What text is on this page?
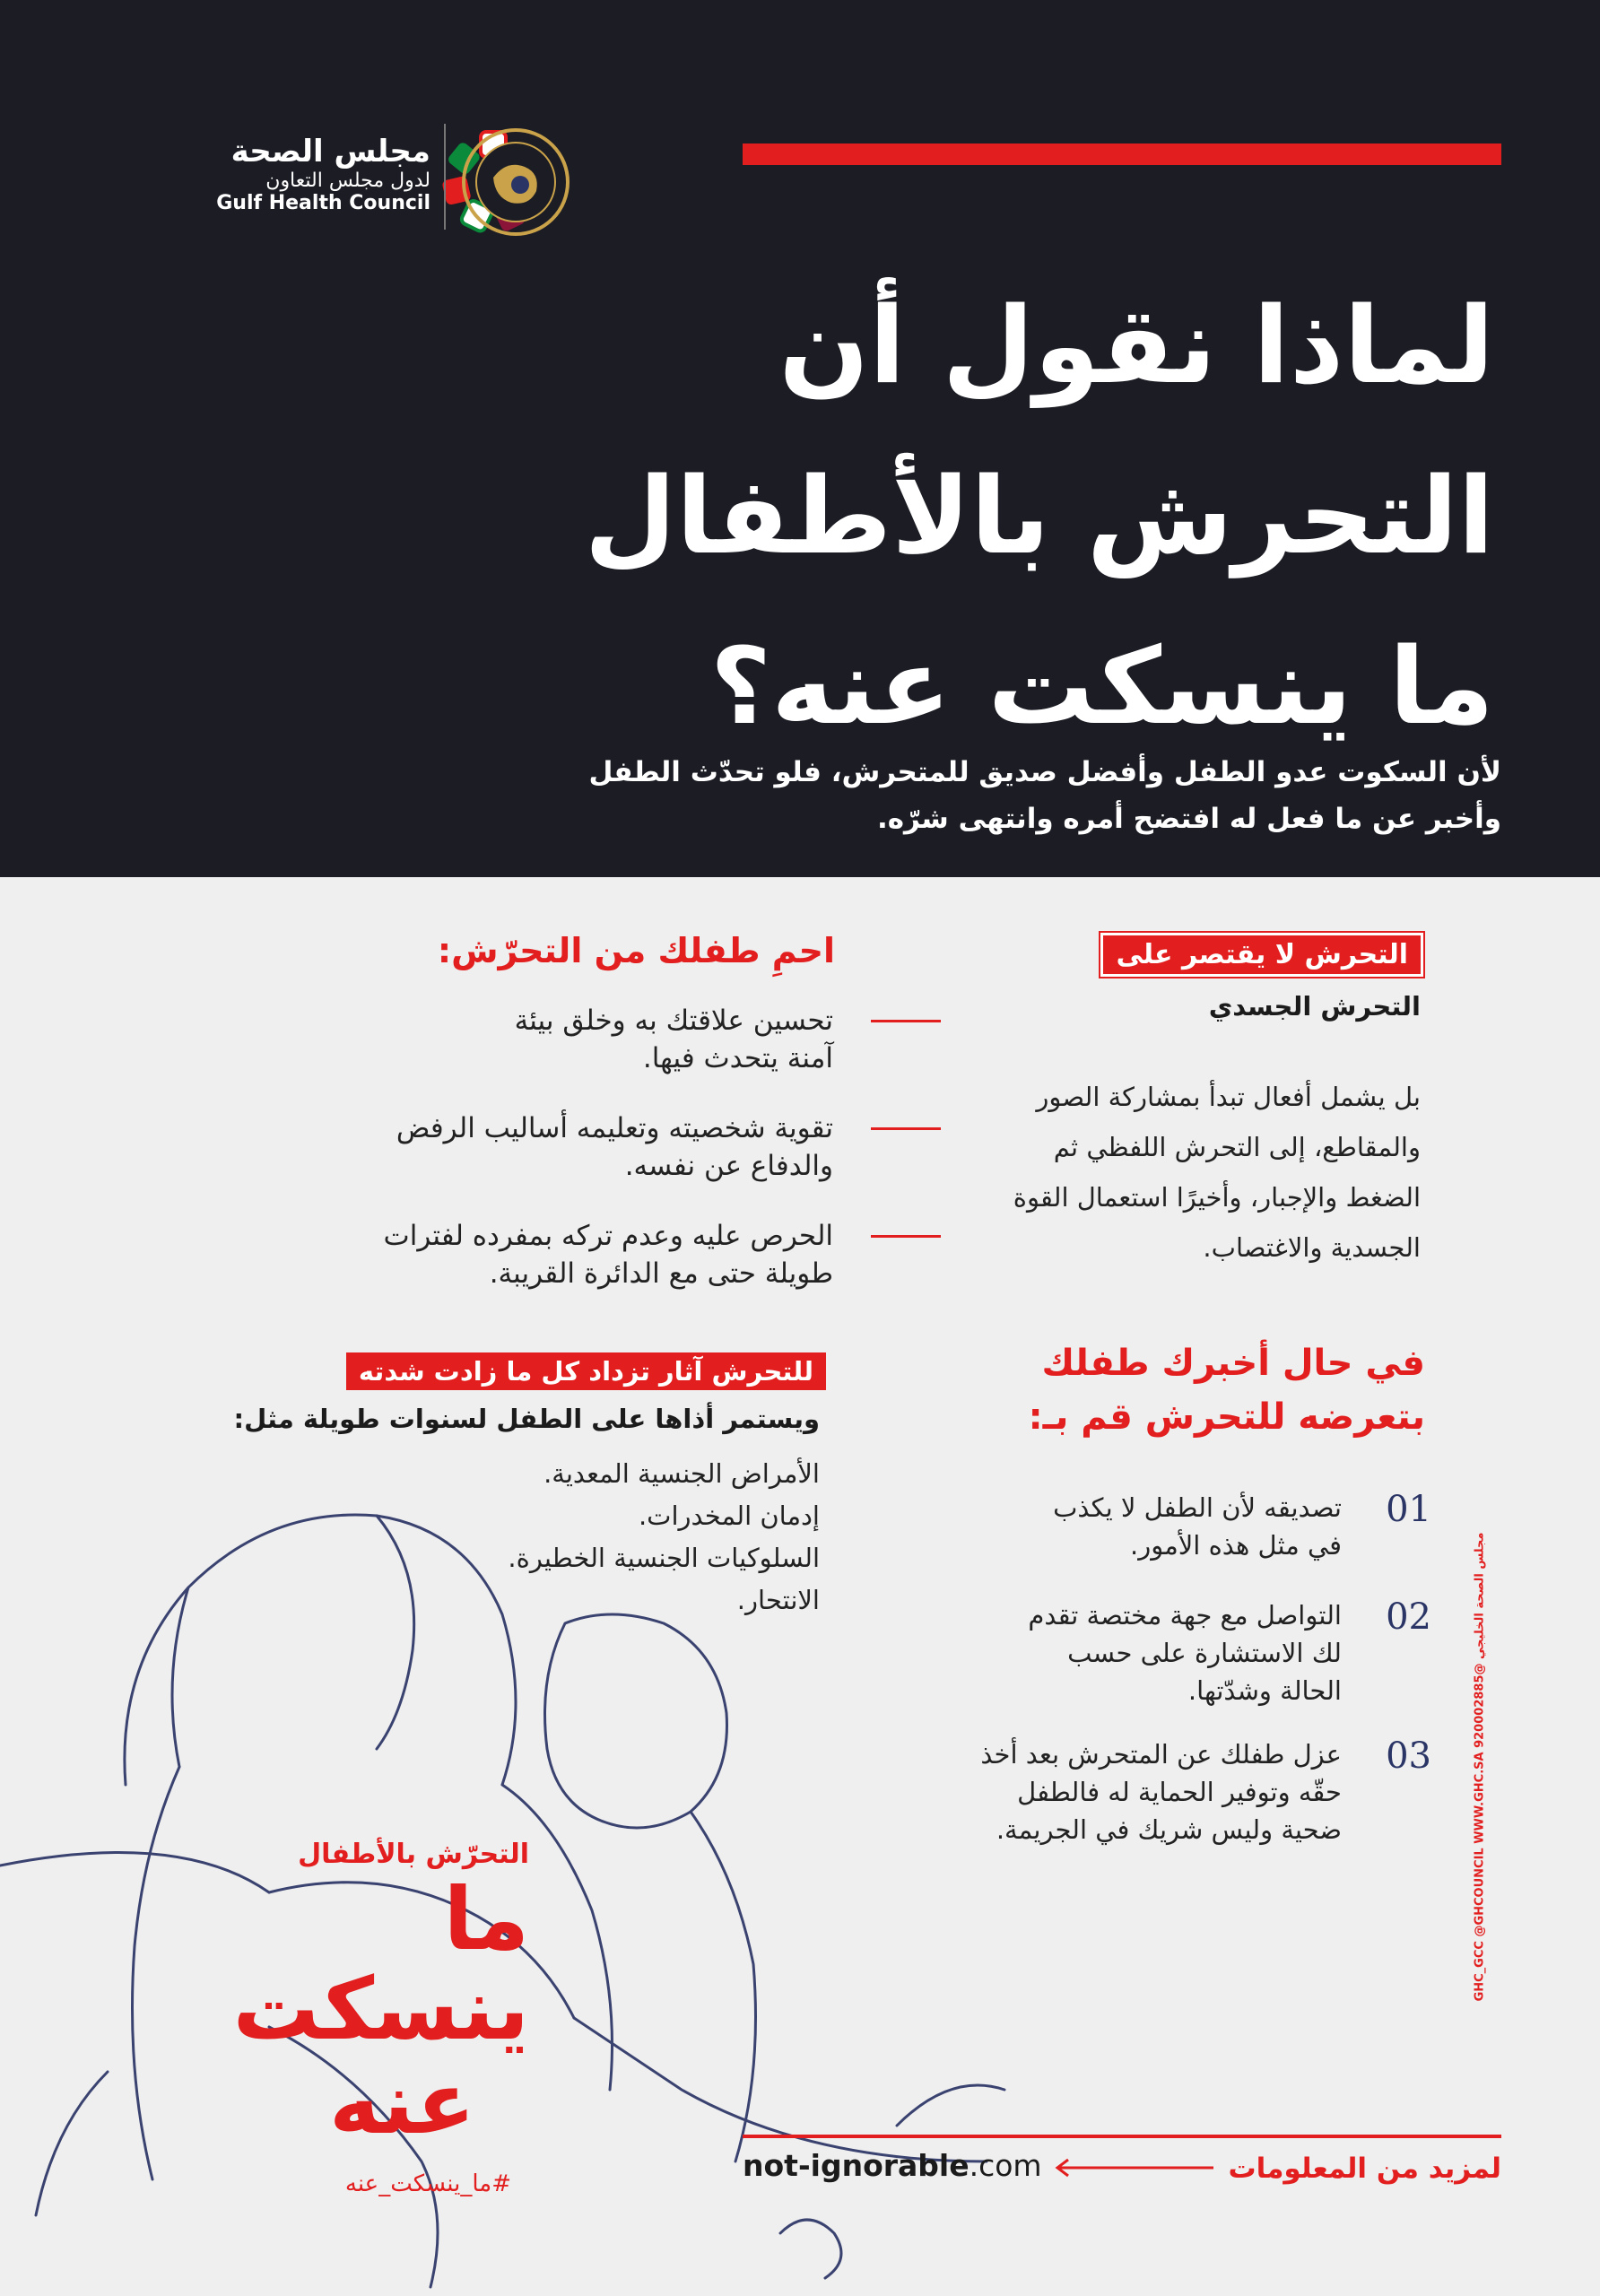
مجلس الصحة
لدول مجلس التعاون
Gulf Health Council
لماذا نقول أن
التحرش بالأطفال
ما ينسكت عنه؟

لأن السكوت عدو الطفل وأفضل صديق للمتحرش، فلو تحدّث الطفل
وأخبر عن ما فعل له افتضح أمره وانتهى شرّه.

التحرش لا يقتصر على
التحرش الجسدي

بل يشمل أفعال تبدأ بمشاركة الصور
والمقاطع، إلى التحرش اللفظي ثم
الضغط والإجبار، وأخيرًا استعمال القوة
الجسدية والاغتصاب.

في حال أخبرك طفلك
بتعرضه للتحرش قم بـ:
01

تصديقه لأن الطفل لا يكذب
في مثل هذه الأمور.

02

التواصل مع جهة مختصة تقدم
لك الاستشارة على حسب
الحالة وشدّتها.

03

عزل طفلك عن المتحرش بعد أخذ
حقّه وتوفير الحماية له فالطفل
ضحية وليس شريك في الجريمة.

احمِ طفلك من التحرّش:

تحسين علاقتك به وخلق بيئة
آمنة يتحدث فيها.

تقوية شخصيته وتعليمه أساليب الرفض
والدفاع عن نفسه.

الحرص عليه وعدم تركه بمفرده لفترات
طويلة حتى مع الدائرة القريبة.

للتحرش آثار تزداد كل ما زادت شدته
ويستمر أذاها على الطفل لسنوات طويلة مثل:
الأمراض الجنسية المعدية.
إدمان المخدرات.
السلوكيات الجنسية الخطيرة.
الانتحار.
التحرّش بالأطفال
ما
ينسكت
عنه
#ما_ينسكت_عنه
مجلس الصحة الخليجي @GHC_GCC @GHCOUNCIL WWW.GHC.SA 920002885
لمزيد من المعلومات
not-ignorable.com
